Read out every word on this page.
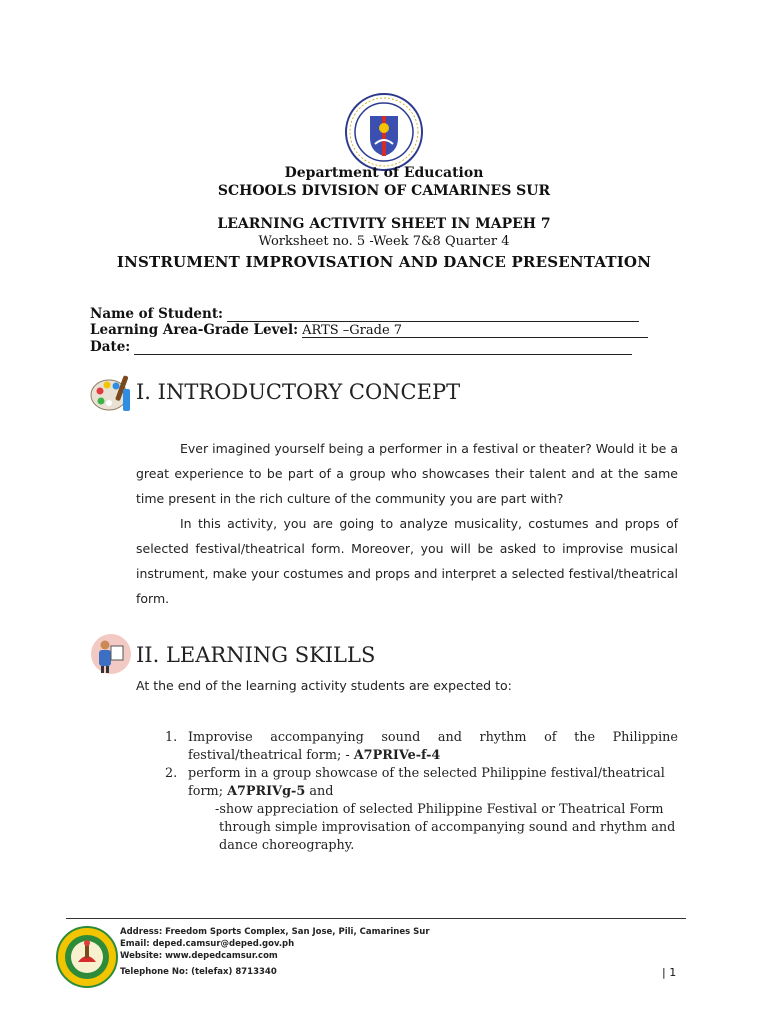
Department of Education
SCHOOLS DIVISION OF CAMARINES SUR
LEARNING ACTIVITY SHEET IN MAPEH 7
Worksheet no. 5 -Week 7&8 Quarter 4
INSTRUMENT IMPROVISATION AND DANCE PRESENTATION
Name of Student:
Learning Area-Grade Level: ARTS –Grade 7
Date:
I. INTRODUCTORY CONCEPT
Ever imagined yourself being a performer in a festival or theater? Would it be a great experience to be part of a group who showcases their talent and at the same time present in the rich culture of the community you are part with?
In this activity, you are going to analyze musicality, costumes and props of selected festival/theatrical form. Moreover, you will be asked to improvise musical instrument, make your costumes and props and interpret a selected festival/theatrical form.
II. LEARNING SKILLS
At the end of the learning activity students are expected to:
1. Improvise accompanying sound and rhythm of the Philippine festival/theatrical form; - A7PRIVe-f-4
2. perform in a group showcase of the selected Philippine festival/theatrical form; A7PRIVg-5 and
-show appreciation of selected Philippine Festival or Theatrical Form through simple improvisation of accompanying sound and rhythm and dance choreography.
Address: Freedom Sports Complex, San Jose, Pili, Camarines Sur
Email: deped.camsur@deped.gov.ph
Website: www.depedcamsur.com
Telephone No: (telefax) 8713340	| 1
